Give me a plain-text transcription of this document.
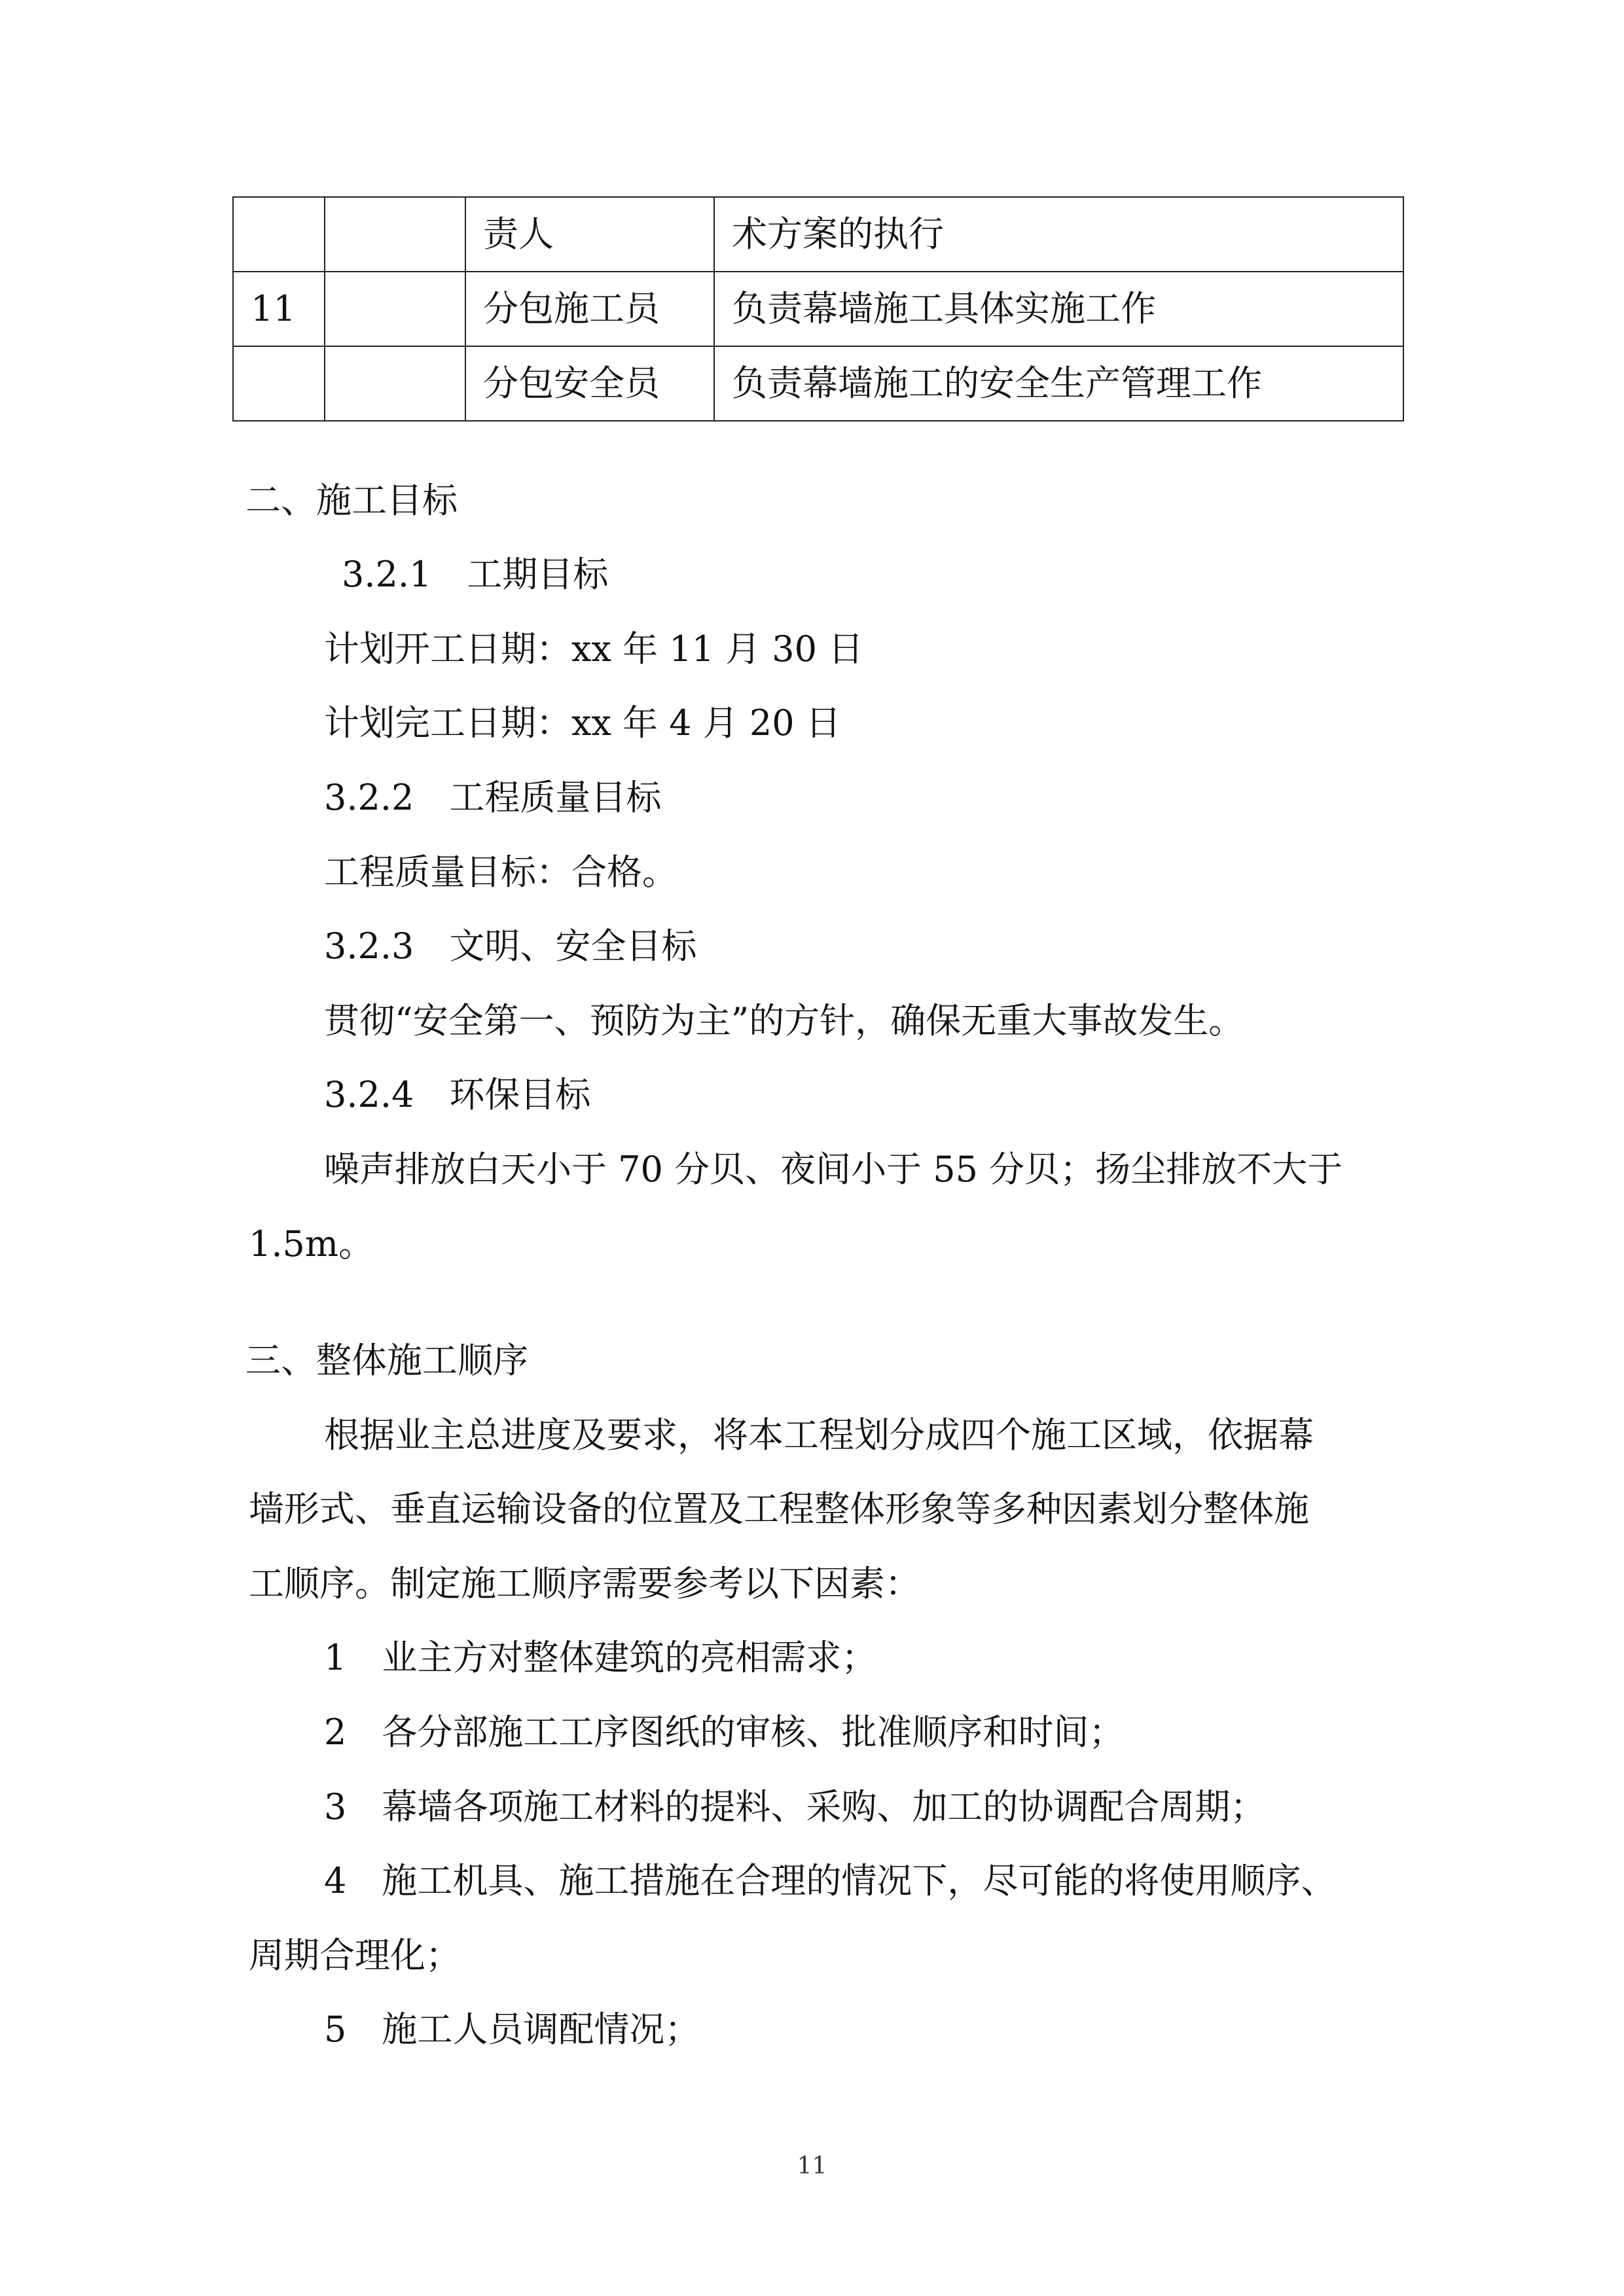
		责人	术方案的执行
11		分包施工员	负责幕墙施工具体实施工作
		分包安全员	负责幕墙施工的安全生产管理工作
二、施工目标
3.2.1　工期目标
计划开工日期：xx 年 11 月 30 日
计划完工日期：xx 年 4 月 20 日
3.2.2　工程质量目标
工程质量目标：合格。
3.2.3　文明、安全目标
贯彻“安全第一、预防为主”的方针，确保无重大事故发生。
3.2.4　环保目标
噪声排放白天小于 70 分贝、夜间小于 55 分贝；扬尘排放不大于
1.5m。
三、整体施工顺序
根据业主总进度及要求，将本工程划分成四个施工区域，依据幕
墙形式、垂直运输设备的位置及工程整体形象等多种因素划分整体施
工顺序。制定施工顺序需要参考以下因素：
1　业主方对整体建筑的亮相需求；
2　各分部施工工序图纸的审核、批准顺序和时间；
3　幕墙各项施工材料的提料、采购、加工的协调配合周期；
4　施工机具、施工措施在合理的情况下，尽可能的将使用顺序、
周期合理化；
5　施工人员调配情况；
11
